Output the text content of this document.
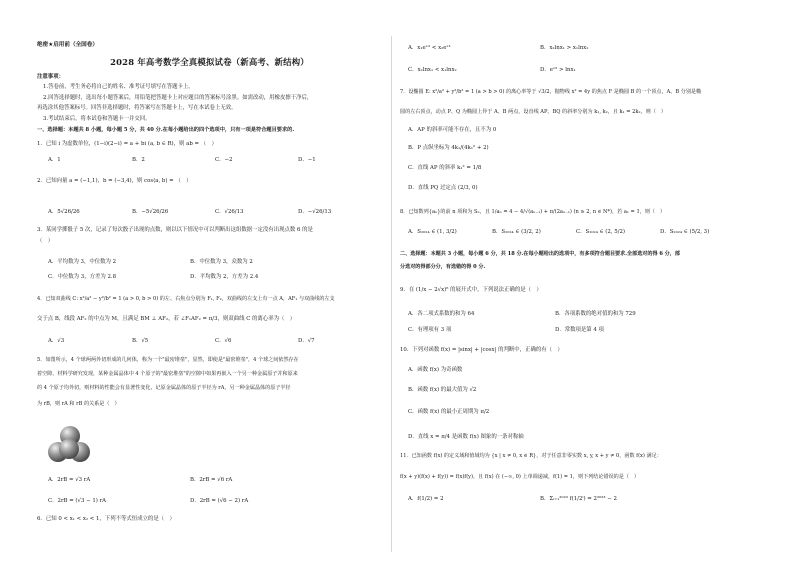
绝密★启用前（全国卷）
2028 年高考数学全真模拟试卷（新高考、新结构）
注意事项：
1.答卷前，考生务必将自己的姓名、准考证号填写在答题卡上。
2.回答选择题时，选出每小题答案后，用铅笔把答题卡上对应题目的答案标号涂黑。如需改动，用橡皮擦干净后，
再选涂其他答案标号。回答非选择题时，将答案写在答题卡上，写在本试卷上无效。
3.考试结束后，将本试卷和答题卡一并交回。
一、选择题：本题共 8 小题，每小题 5 分，共 40 分.在每小题给出的四个选项中，只有一项是符合题目要求的.
1．已知 i 为虚数单位，(1−i)(2−i) = a + bi (a, b ∈ R)，则 ab = （　）
A．1	B．2	C．−2	D．−1
2．已知向量 a = (−1,1)，b = (−3,4)，则 cos⟨a, b⟩ = （　）
A．5√26/26	B．−5√26/26	C．√26/13	D．−√26/13
3．某同学掷骰子 5 次，记录了每次骰子出现的点数，则以以下情况中可以判断出这组数据一定没有出现点数 6 的是
（　）
A．平均数为 3，中位数为 2	B．中位数为 3，众数为 2
C．中位数为 3，方差为 2.8	D．平均数为 2，方差为 2.4
4．已知双曲线 C: x²/a² − y²/b² = 1 (a > 0, b > 0) 的左、右焦点分别为 F₁, F₂，双曲线的左支上有一点 A，AF₁ 与双曲线的左支
交于点 B，线段 AF₂ 的中点为 M，且满足 BM ⊥ AF₂，若 ∠F₁AF₂ = π/3，则双曲线 C 的离心率为（　）
A．√3	B．√5	C．√6	D．√7
5．如图所示，4 个球两两外切形成的几何体，称为一个"最密堆垒"，显然，即使是"最密堆垒"，4 个球之间依然存在
着空隙，材料学研究发现，某种金属晶体中 4 个原子的"最密堆垒"的空隙中如果再嵌入一个另一种金属原子并和原来
的 4 个原子均外切，则材料的性能会有显著性变化，记原金属晶体的原子半径为 rA，另一种金属晶体的原子半径
为 rB，则 rA 和 rB 的关系是（　）
A．2rB = √3 rA	B．2rB = √6 rA
C．2rB = (√3 − 1) rA	D．2rB = (√6 − 2) rA
6．已知 0 < x₁ < x₂ < 1，下列不等式恒成立的是（　）
A．x₁eˣ² < x₂eˣ¹	B．x₂lnx₁ > x₁lnx₂
C．x₂lnx₁ < x₁lnx₂	D．eˣ² > lnx₁
7．设椭圆 E: x²/a² + y²/b² = 1 (a > b > 0) 的离心率等于 √3/2，抛物线 x² = 4y 的焦点 F 是椭圆 B 的一个顶点，A、B 分别是椭
圆的左右顶点，动点 P、Q 为椭圆上异于 A、B 两点，设直线 AP、BQ 的斜率分别为 k₁, k₂，且 k₁ = 2k₂，则（　）
A．AP 的斜率可能不存在，且不为 0
B．P 点纵坐标为 4k₁/(4k₁² + 2)
C．直线 AP 的斜率 k₁² = 1/8
D．直线 PQ 过定点 (2/3, 0)
8．已知数列{aₙ}的前 n 项和为 Sₙ，且 1/aₙ = 4 − 4/√(aₙ₋₁) + π/(2aₙ₋₁) (n ≥ 2, n ∈ N*)，若 a₁ = 1，则（　）
A．S₂₀₂₄ ∈ (1, 3/2)	B．S₂₀₂₄ ∈ (3/2, 2)	C．S₂₀₂₄ ∈ (2, 5/2)	D．S₂₀₂₄ ∈ (5/2, 3)
二、选择题：本题共 3 小题，每小题 6 分，共 18 分.在每小题给出的选项中，有多项符合题目要求.全部选对的得 6 分，部
分选对的得部分分，有选错的得 0 分.
9．在 (1/x − 2√x)⁶ 的展开式中，下列说法正确的是（　）
A．各二项式系数的和为 64	B．各项系数的绝对值的和为 729
C．有理项有 3 项	D．常数项是第 4 项
10．下列对函数 f(x) = |sinx| + |cosx| 的判断中，正确的有（　）
A．函数 f(x) 为奇函数
B．函数 f(x) 的最大值为 √2
C．函数 f(x) 的最小正周期为 π/2
D．直线 x = π/4 是函数 f(x) 图象的一条对称轴
11．已知函数 f(x) 的定义域和值域均为 {x | x ≠ 0, x ∈ R}，对于任意非零实数 x, y, x + y ≠ 0，函数 f(x) 满足：
f(x + y)(f(x) + f(y)) = f(x)f(y)，且 f(x) 在 (−∞, 0) 上单调递减，f(1) = 1，则下列结论错误的是（　）
A．f(1/2) = 2	B．Σᵢ₌₁²⁰²³ f(1/2ⁱ) = 2²⁰²³ − 2
